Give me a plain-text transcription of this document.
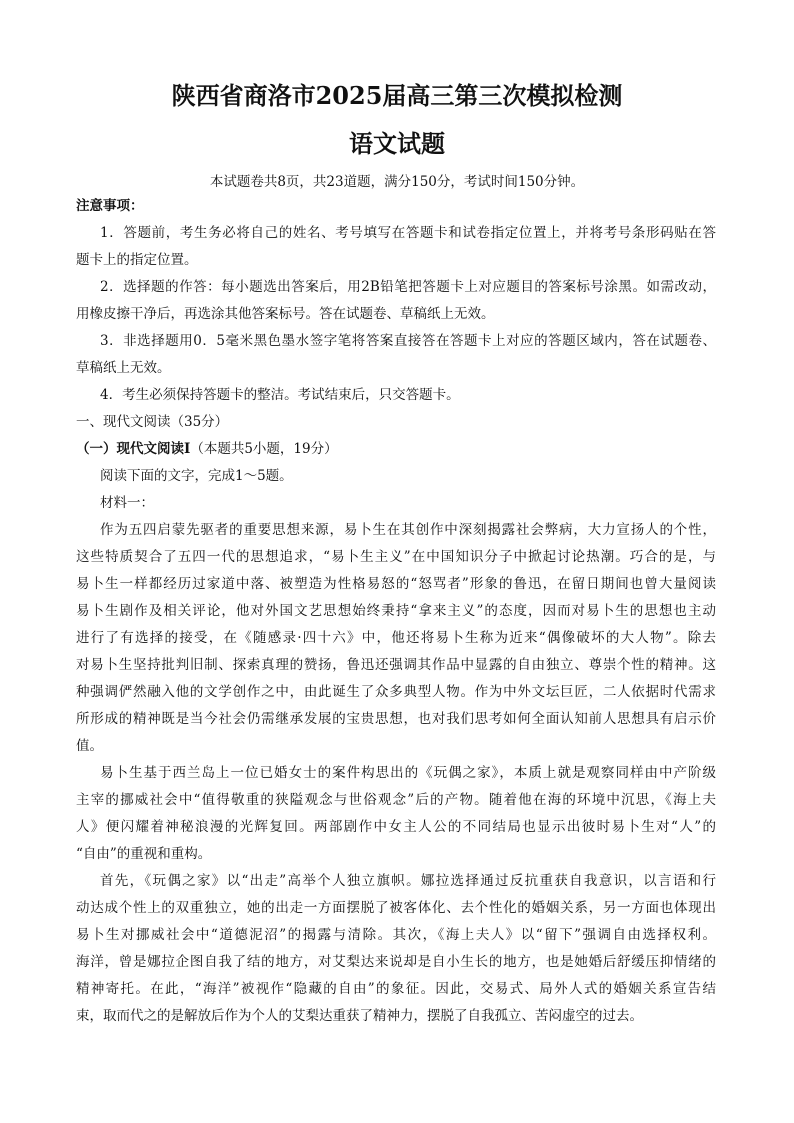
陕西省商洛市2025届高三第三次模拟检测
语文试题
本试题卷共8页，共23道题，满分150分，考试时间150分钟。
注意事项：
1．答题前，考生务必将自己的姓名、考号填写在答题卡和试卷指定位置上，并将考号条形码贴在答
题卡上的指定位置。
2．选择题的作答：每小题选出答案后，用2B铅笔把答题卡上对应题目的答案标号涂黑。如需改动，
用橡皮擦干净后，再选涂其他答案标号。答在试题卷、草稿纸上无效。
3．非选择题用0．5毫米黑色墨水签字笔将答案直接答在答题卡上对应的答题区域内，答在试题卷、
草稿纸上无效。
4．考生必须保持答题卡的整洁。考试结束后，只交答题卡。
一、现代文阅读（35分）
（一）现代文阅读Ⅰ（本题共5小题，19分）
阅读下面的文字，完成1～5题。
材料一：
作为五四启蒙先驱者的重要思想来源，易卜生在其创作中深刻揭露社会弊病，大力宣扬人的个性，
这些特质契合了五四一代的思想追求，“易卜生主义”在中国知识分子中掀起讨论热潮。巧合的是，与
易卜生一样都经历过家道中落、被塑造为性格易怒的“怒骂者”形象的鲁迅，在留日期间也曾大量阅读
易卜生剧作及相关评论，他对外国文艺思想始终秉持“拿来主义”的态度，因而对易卜生的思想也主动
进行了有选择的接受，在《随感录·四十六》中，他还将易卜生称为近来“偶像破坏的大人物”。除去
对易卜生坚持批判旧制、探索真理的赞扬，鲁迅还强调其作品中显露的自由独立、尊崇个性的精神。这
种强调俨然融入他的文学创作之中，由此诞生了众多典型人物。作为中外文坛巨匠，二人依据时代需求
所形成的精神既是当今社会仍需继承发展的宝贵思想，也对我们思考如何全面认知前人思想具有启示价
值。
易卜生基于西兰岛上一位已婚女士的案件构思出的《玩偶之家》，本质上就是观察同样由中产阶级
主宰的挪威社会中“值得敬重的狭隘观念与世俗观念”后的产物。随着他在海的环境中沉思，《海上夫
人》便闪耀着神秘浪漫的光辉复回。两部剧作中女主人公的不同结局也显示出彼时易卜生对“人”的
“自由”的重视和重构。
首先，《玩偶之家》以“出走”高举个人独立旗帜。娜拉选择通过反抗重获自我意识，以言语和行
动达成个性上的双重独立，她的出走一方面摆脱了被客体化、去个性化的婚姻关系，另一方面也体现出
易卜生对挪威社会中“道德泥沼”的揭露与清除。其次，《海上夫人》以“留下”强调自由选择权利。
海洋，曾是娜拉企图自我了结的地方，对艾梨达来说却是自小生长的地方，也是她婚后舒缓压抑情绪的
精神寄托。在此，“海洋”被视作“隐藏的自由”的象征。因此，交易式、局外人式的婚姻关系宣告结
束，取而代之的是解放后作为个人的艾梨达重获了精神力，摆脱了自我孤立、苦闷虚空的过去。
